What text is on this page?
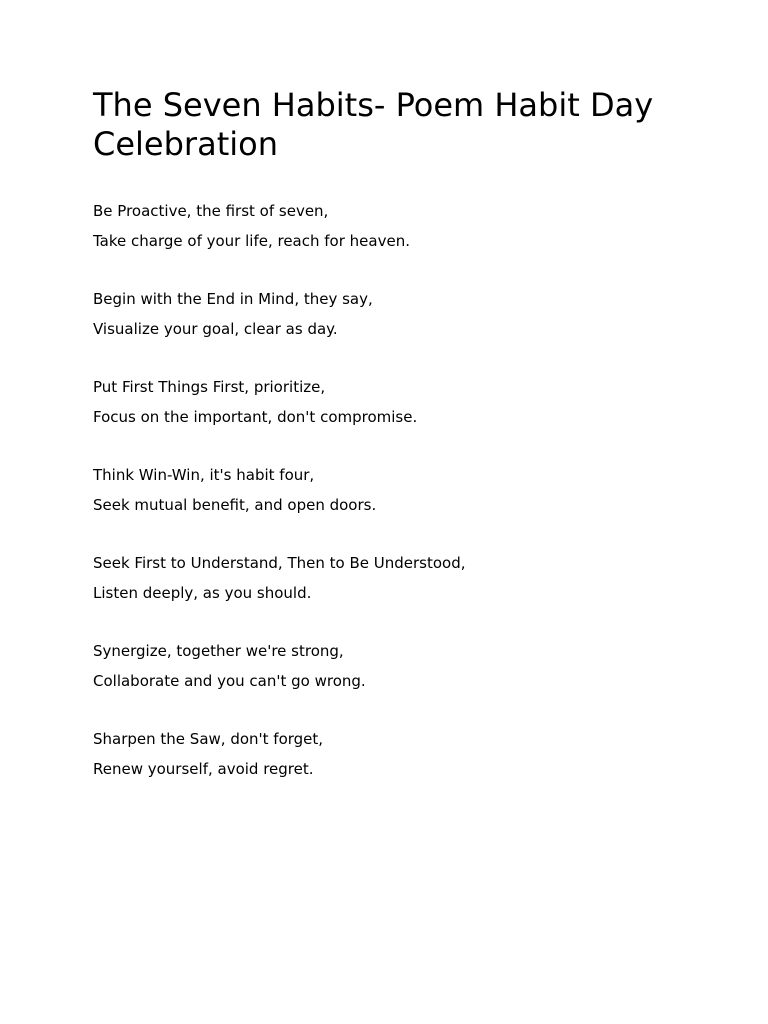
The Seven Habits- Poem Habit Day Celebration
Be Proactive, the first of seven,
Take charge of your life, reach for heaven.
Begin with the End in Mind, they say,
Visualize your goal, clear as day.
Put First Things First, prioritize,
Focus on the important, don't compromise.
Think Win-Win, it's habit four,
Seek mutual benefit, and open doors.
Seek First to Understand, Then to Be Understood,
Listen deeply, as you should.
Synergize, together we're strong,
Collaborate and you can't go wrong.
Sharpen the Saw, don't forget,
Renew yourself, avoid regret.
